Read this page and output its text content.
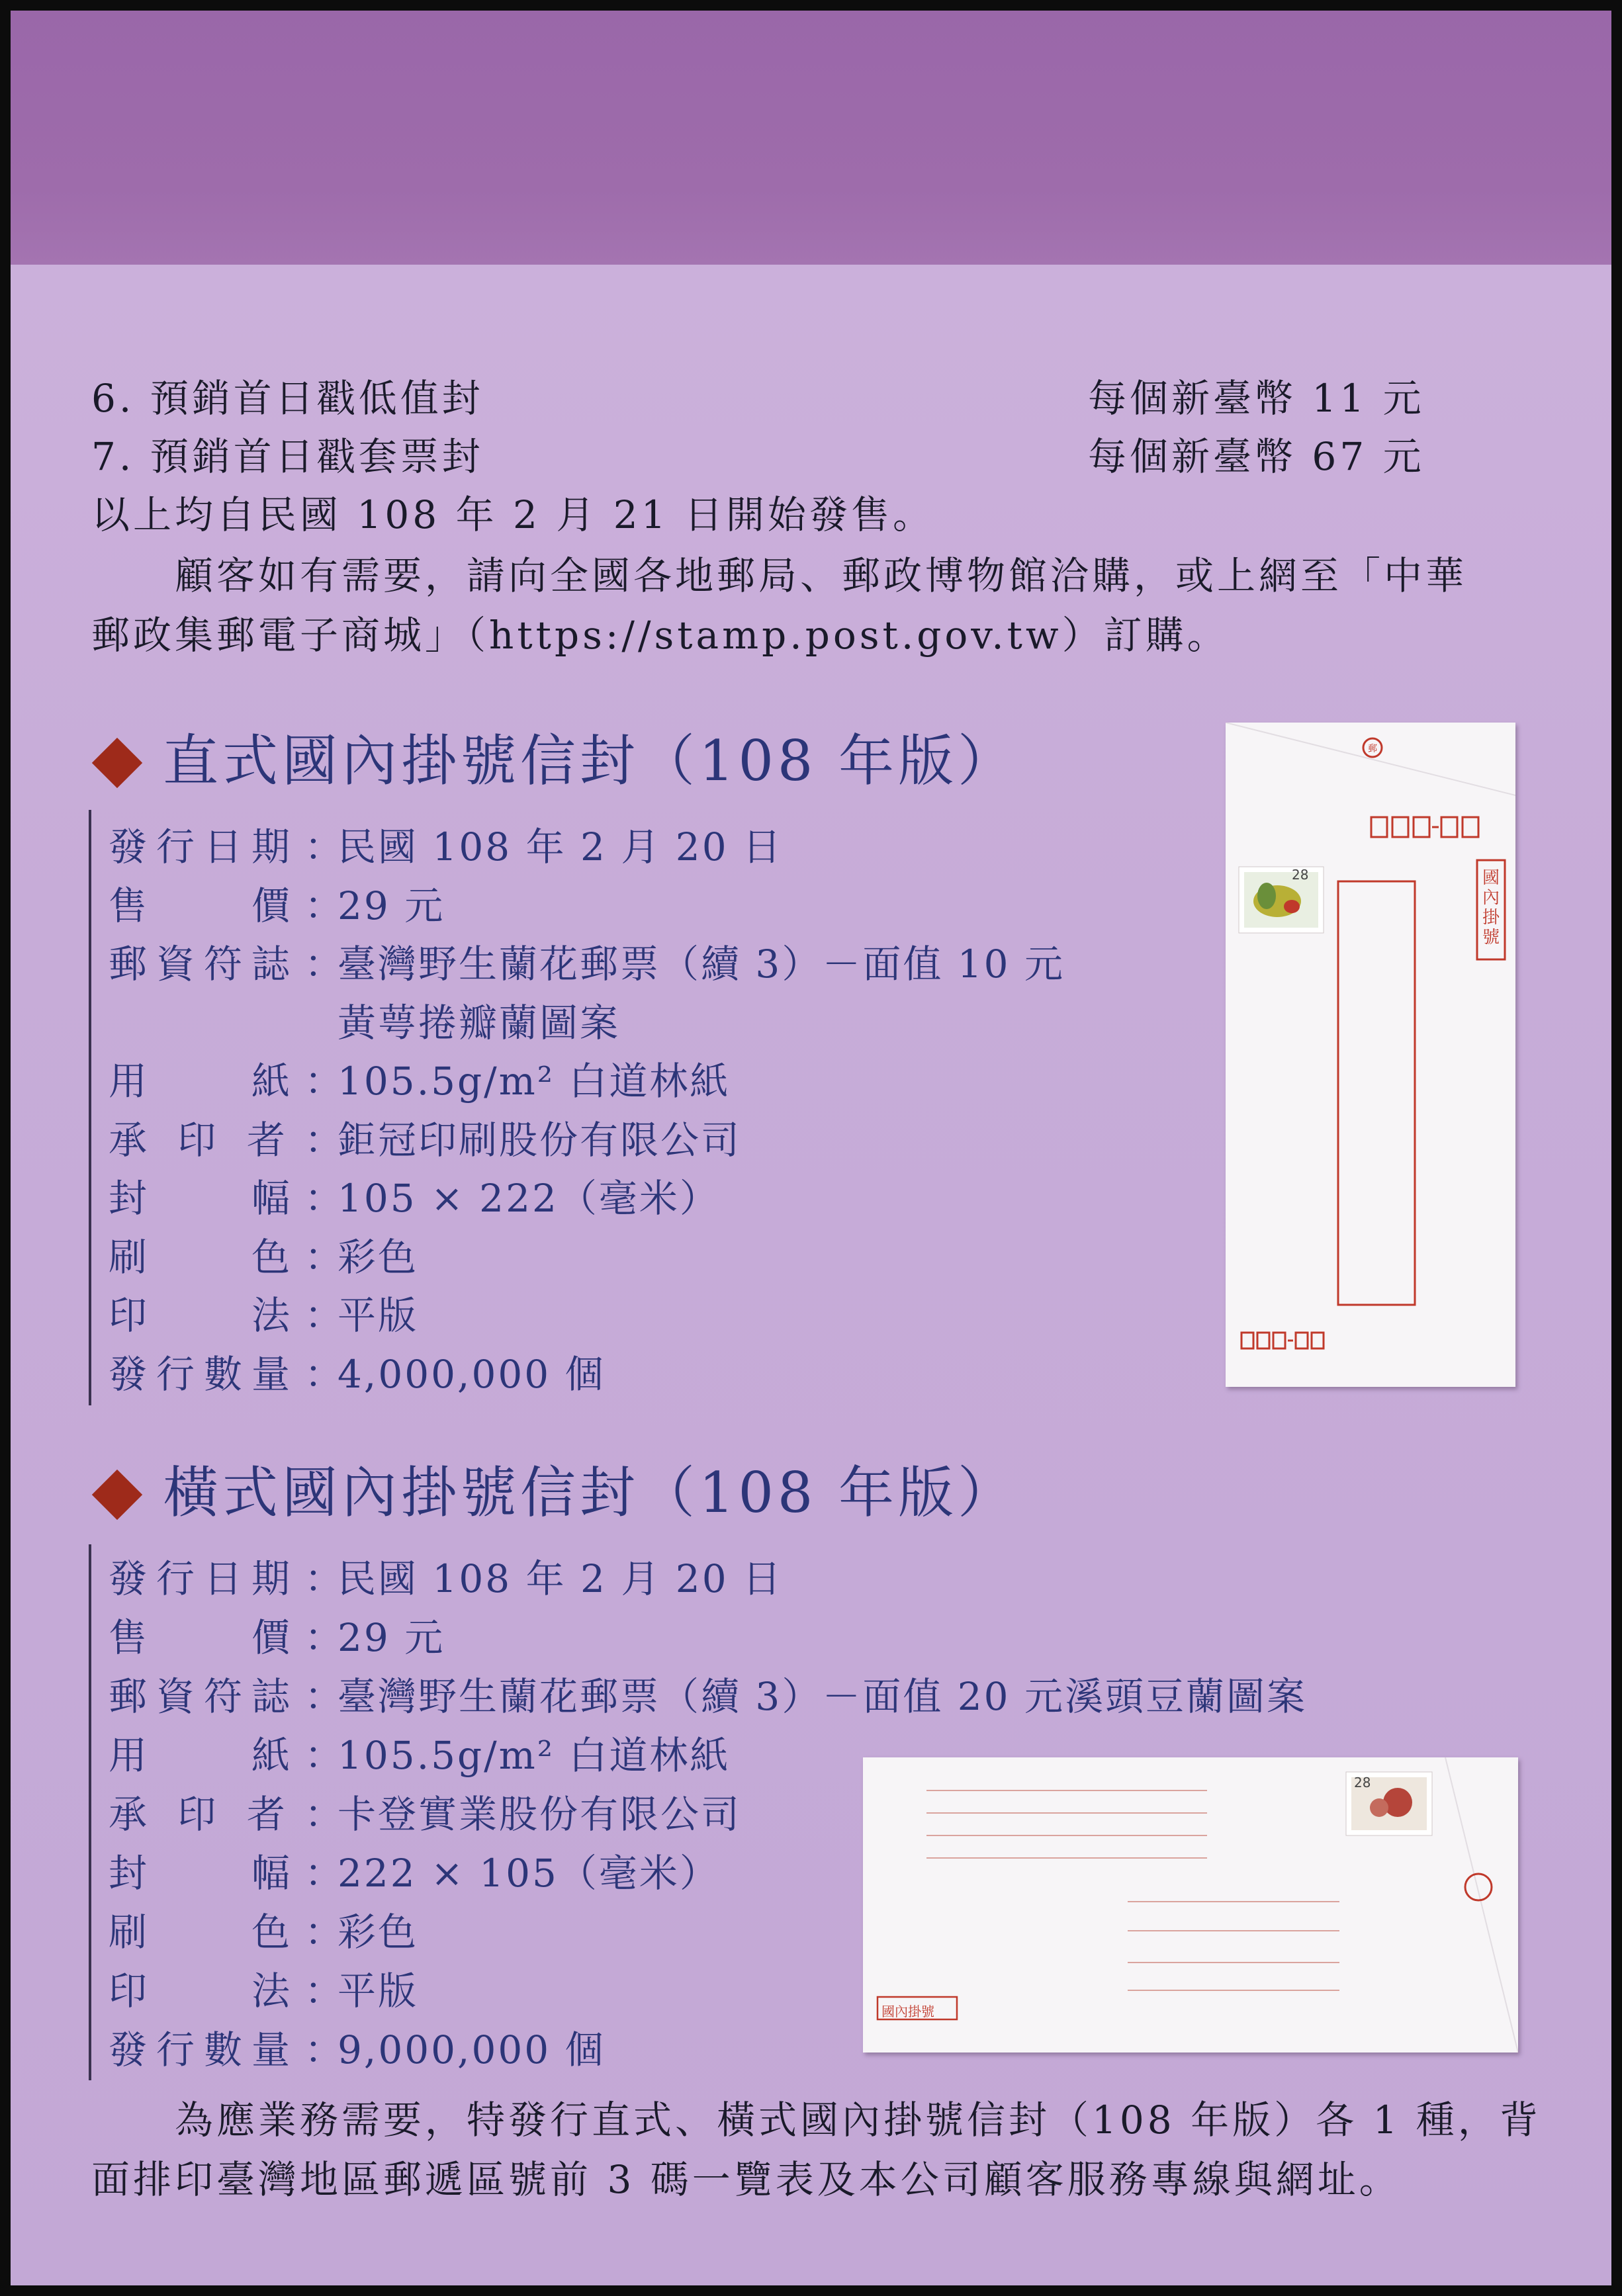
6. 預銷首日戳低值封	每個新臺幣 11 元
7. 預銷首日戳套票封	每個新臺幣 67 元
以上均自民國 108 年 2 月 21 日開始發售。
顧客如有需要，請向全國各地郵局、郵政博物館洽購，或上網至「中華
郵政集郵電子商城」（https://stamp.post.gov.tw）訂購。
直式國內掛號信封（108 年版）	郵
28	國內掛號
橫式國內掛號信封（108 年版）
28
國內掛號
為應業務需要，特發行直式、橫式國內掛號信封（108 年版）各 1 種，背
面排印臺灣地區郵遞區號前 3 碼一覽表及本公司顧客服務專線與網址。
發行日期 ：
民國 108 年 2 月 20 日
售　　價 ：
29 元
郵資符誌 ：
臺灣野生蘭花郵票（續 3）－面值 10 元
黃萼捲瓣蘭圖案
用　　紙 ：
105.5g/m² 白道林紙
承 印 者 ：
鉅冠印刷股份有限公司
封　　幅 ：
105 × 222（毫米）
刷　　色 ：
彩色
印　　法 ：
平版
發行數量 ：
4,000,000 個
發行日期 ：
民國 108 年 2 月 20 日
售　　價 ：
29 元
郵資符誌 ：
臺灣野生蘭花郵票（續 3）－面值 20 元溪頭豆蘭圖案
用　　紙 ：
105.5g/m² 白道林紙
承 印 者 ：
卡登實業股份有限公司
封　　幅 ：
222 × 105（毫米）
刷　　色 ：
彩色
印　　法 ：
平版
發行數量 ：
9,000,000 個
